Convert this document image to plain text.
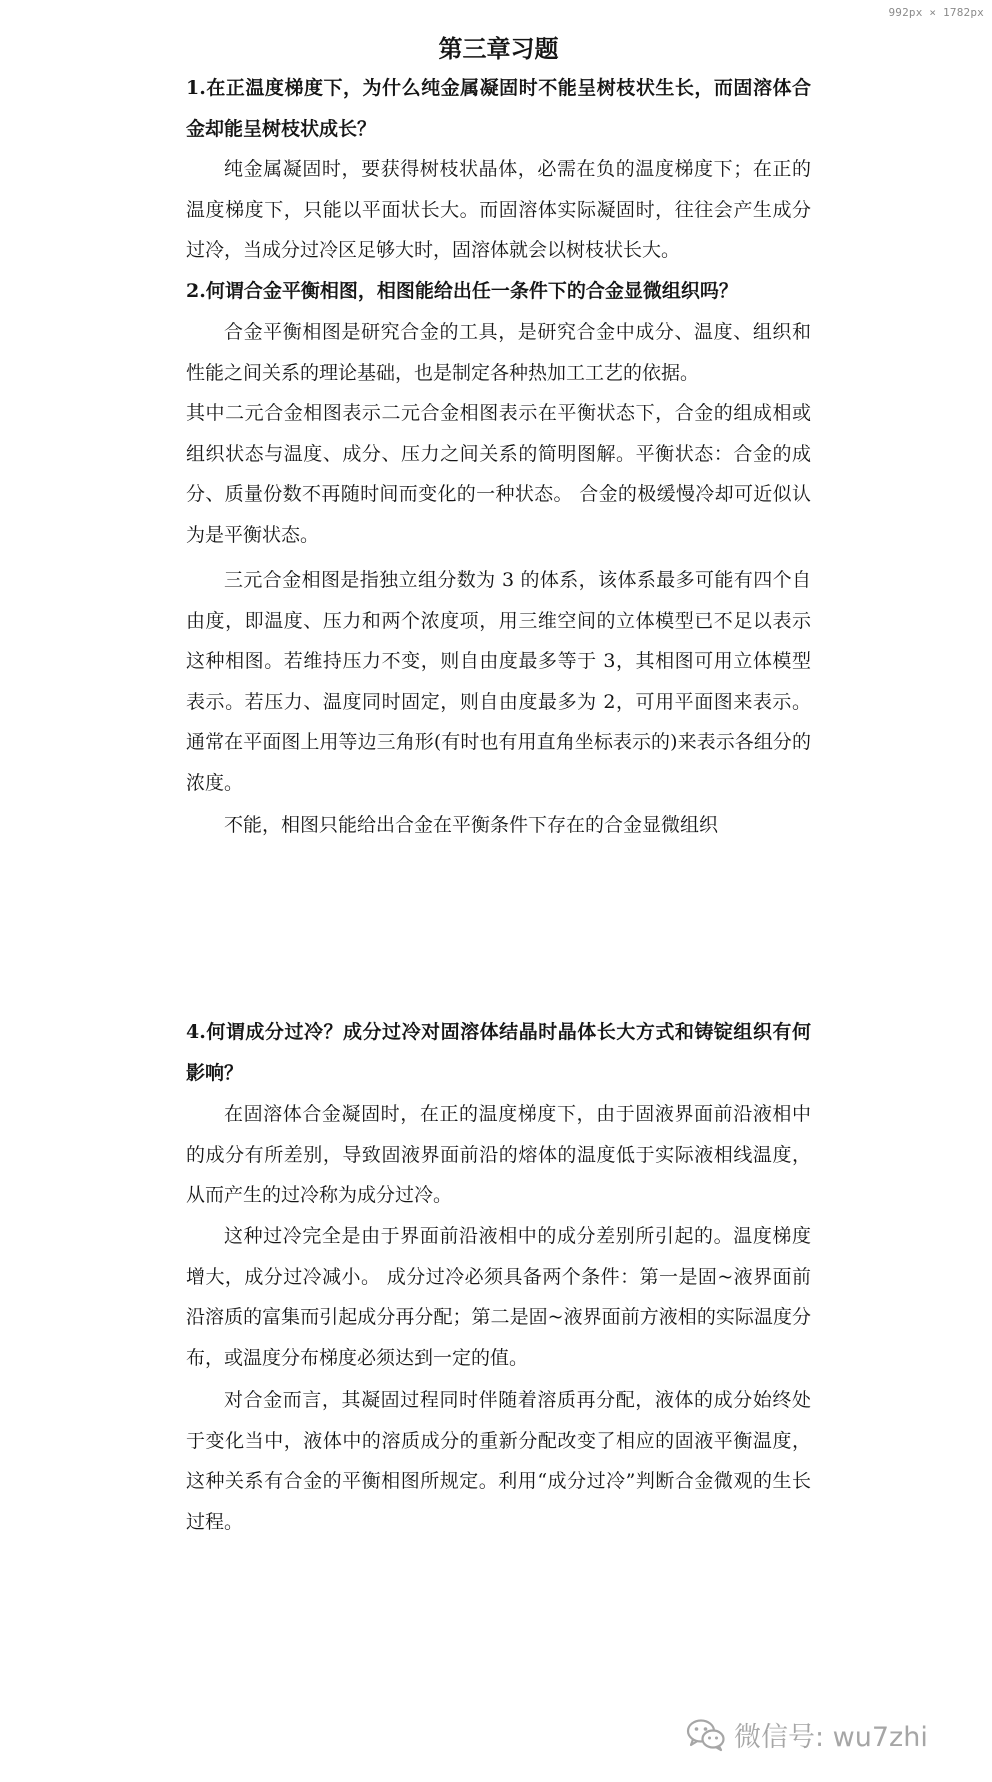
992px × 1782px
第三章习题
1.在正温度梯度下，为什么纯金属凝固时不能呈树枝状生长，而固溶体合金却能呈树枝状成长？
纯金属凝固时，要获得树枝状晶体，必需在负的温度梯度下；在正的温度梯度下，只能以平面状长大。而固溶体实际凝固时，往往会产生成分过冷，当成分过冷区足够大时，固溶体就会以树枝状长大。
2.何谓合金平衡相图，相图能给出任一条件下的合金显微组织吗？
合金平衡相图是研究合金的工具，是研究合金中成分、温度、组织和性能之间关系的理论基础，也是制定各种热加工工艺的依据。
其中二元合金相图表示二元合金相图表示在平衡状态下，合金的组成相或组织状态与温度、成分、压力之间关系的简明图解。平衡状态：合金的成分、质量份数不再随时间而变化的一种状态。 合金的极缓慢冷却可近似认为是平衡状态。
三元合金相图是指独立组分数为 3 的体系，该体系最多可能有四个自由度，即温度、压力和两个浓度项，用三维空间的立体模型已不足以表示这种相图。若维持压力不变，则自由度最多等于 3，其相图可用立体模型表示。若压力、温度同时固定，则自由度最多为 2，可用平面图来表示。通常在平面图上用等边三角形(有时也有用直角坐标表示的)来表示各组分的浓度。
不能，相图只能给出合金在平衡条件下存在的合金显微组织
4.何谓成分过冷？成分过冷对固溶体结晶时晶体长大方式和铸锭组织有何影响？
在固溶体合金凝固时，在正的温度梯度下，由于固液界面前沿液相中的成分有所差别，导致固液界面前沿的熔体的温度低于实际液相线温度，从而产生的过冷称为成分过冷。
这种过冷完全是由于界面前沿液相中的成分差别所引起的。温度梯度增大，成分过冷减小。 成分过冷必须具备两个条件：第一是固~液界面前沿溶质的富集而引起成分再分配；第二是固~液界面前方液相的实际温度分布，或温度分布梯度必须达到一定的值。
对合金而言，其凝固过程同时伴随着溶质再分配，液体的成分始终处于变化当中，液体中的溶质成分的重新分配改变了相应的固液平衡温度，这种关系有合金的平衡相图所规定。利用“成分过冷”判断合金微观的生长过程。
微信号: wu7zhi
